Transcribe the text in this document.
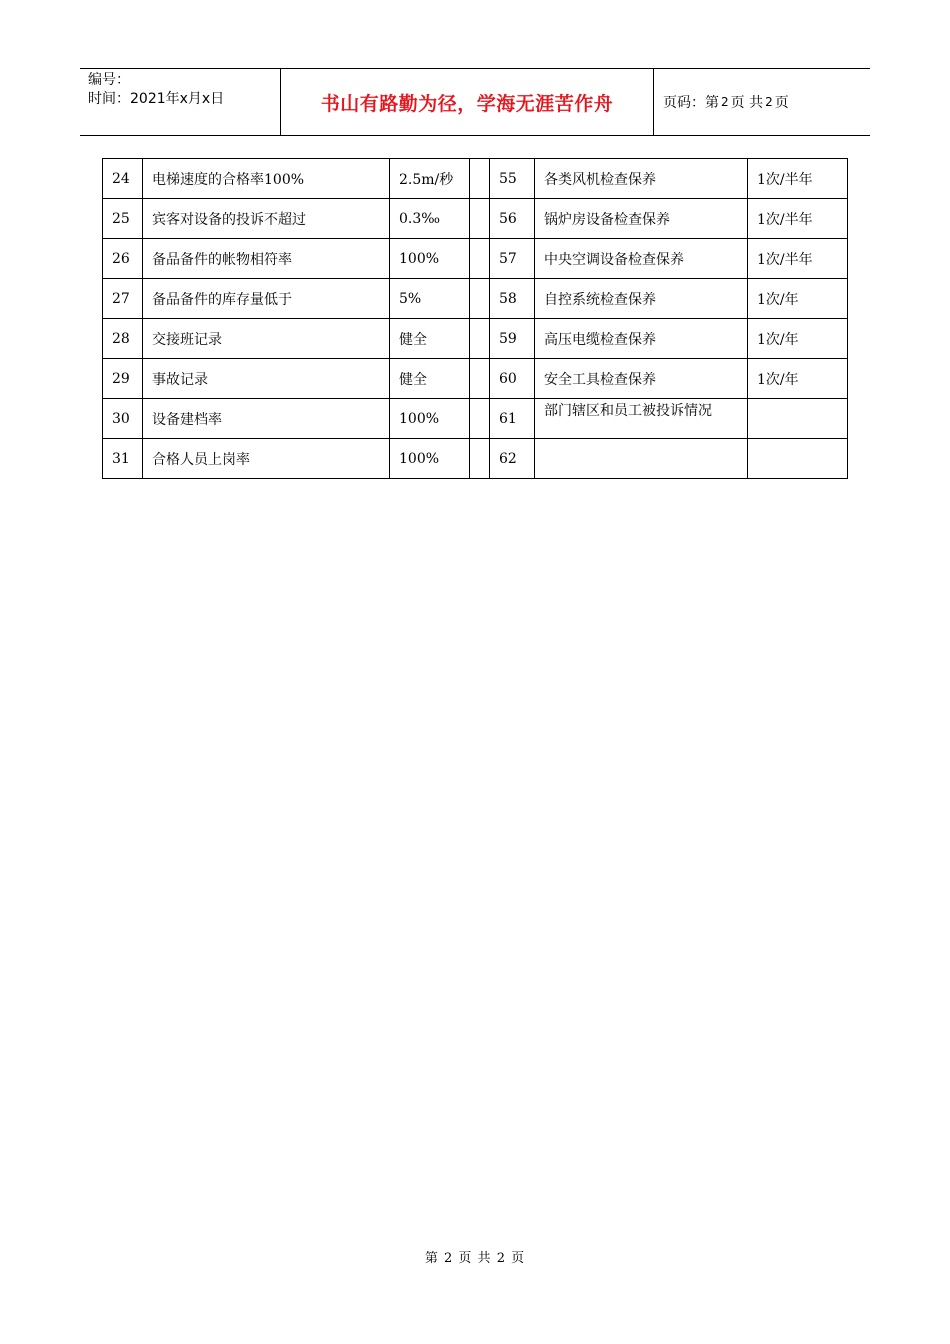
编号：
时间：2021年x月x日	书山有路勤为径，学海无涯苦作舟	页码：第 2 页 共 2 页
24	电梯速度的合格率100%	2.5m/秒		55	各类风机检查保养	1次/半年
25	宾客对设备的投诉不超过	0.3‰		56	锅炉房设备检查保养	1次/半年
26	备品备件的帐物相符率	100%		57	中央空调设备检查保养	1次/半年
27	备品备件的库存量低于	5%		58	自控系统检查保养	1次/年
28	交接班记录	健全		59	高压电缆检查保养	1次/年
29	事故记录	健全		60	安全工具检查保养	1次/年
30	设备建档率	100%		61	部门辖区和员工被投诉情况	
31	合格人员上岗率	100%		62		
第 2 页 共 2 页
